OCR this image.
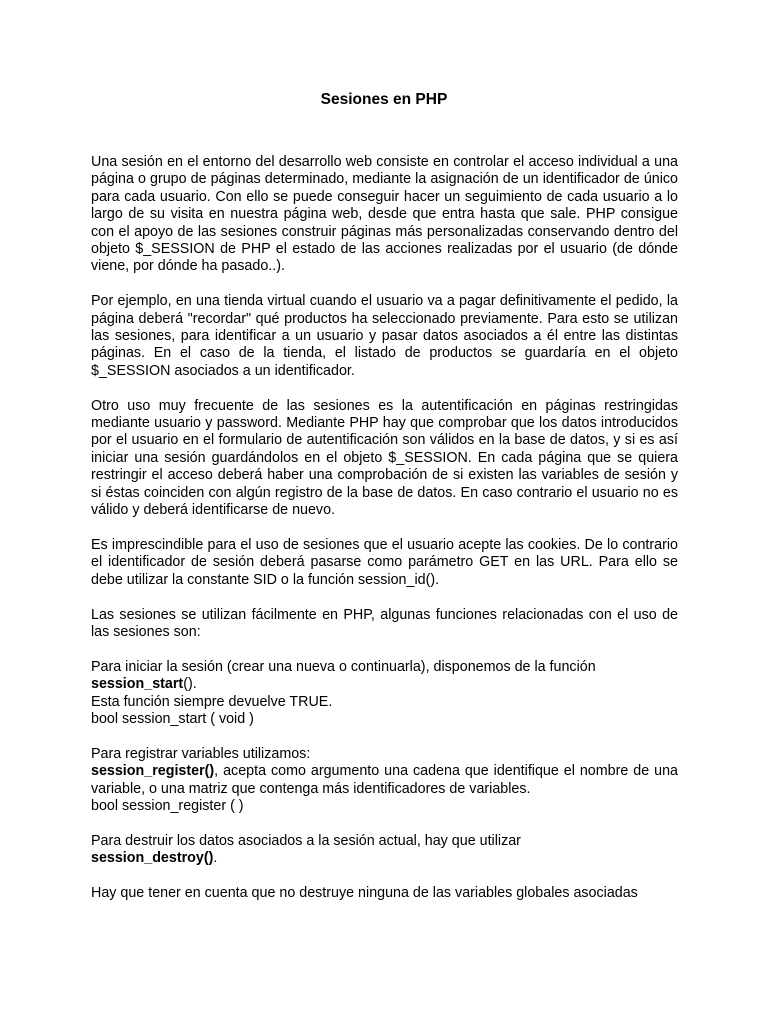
Sesiones en PHP

Una sesión en el entorno del desarrollo web consiste en controlar el acceso individual a una página o grupo de páginas determinado, mediante la asignación de un identificador de único para cada usuario. Con ello se puede conseguir hacer un seguimiento de cada usuario a lo largo de su visita en nuestra página web, desde que entra hasta que sale. PHP consigue con el apoyo de las sesiones construir páginas más personalizadas conservando dentro del objeto $_SESSION de PHP el estado de las acciones realizadas por el usuario (de dónde viene, por dónde ha pasado..).

Por ejemplo, en una tienda virtual cuando el usuario va a pagar definitivamente el pedido, la página deberá "recordar" qué productos ha seleccionado previamente. Para esto se utilizan las sesiones, para identificar a un usuario y pasar datos asociados a él entre las distintas páginas. En el caso de la tienda, el listado de productos se guardaría en el objeto $_SESSION asociados a un identificador.

Otro uso muy frecuente de las sesiones es la autentificación en páginas restringidas mediante usuario y password. Mediante PHP hay que comprobar que los datos introducidos por el usuario en el formulario de autentificación son válidos en la base de datos, y si es así iniciar una sesión guardándolos en el objeto $_SESSION. En cada página que se quiera restringir el acceso deberá haber una comprobación de si existen las variables de sesión y si éstas coinciden con algún registro de la base de datos. En caso contrario el usuario no es válido y deberá identificarse de nuevo.

Es imprescindible para el uso de sesiones que el usuario acepte las cookies. De lo contrario el identificador de sesión deberá pasarse como parámetro GET en las URL. Para ello se debe utilizar la constante SID o la función session_id().

Las sesiones se utilizan fácilmente en PHP, algunas funciones relacionadas con el uso de las sesiones son:

Para iniciar la sesión (crear una nueva o continuarla), disponemos de la función
session_start().
Esta función siempre devuelve TRUE.
bool session_start ( void )

Para registrar variables utilizamos:
session_register(), acepta como argumento una cadena que identifique el nombre de una variable, o una matriz que contenga más identificadores de variables.
bool session_register ( )

Para destruir los datos asociados a la sesión actual, hay que utilizar
session_destroy().

Hay que tener en cuenta que no destruye ninguna de las variables globales asociadas
